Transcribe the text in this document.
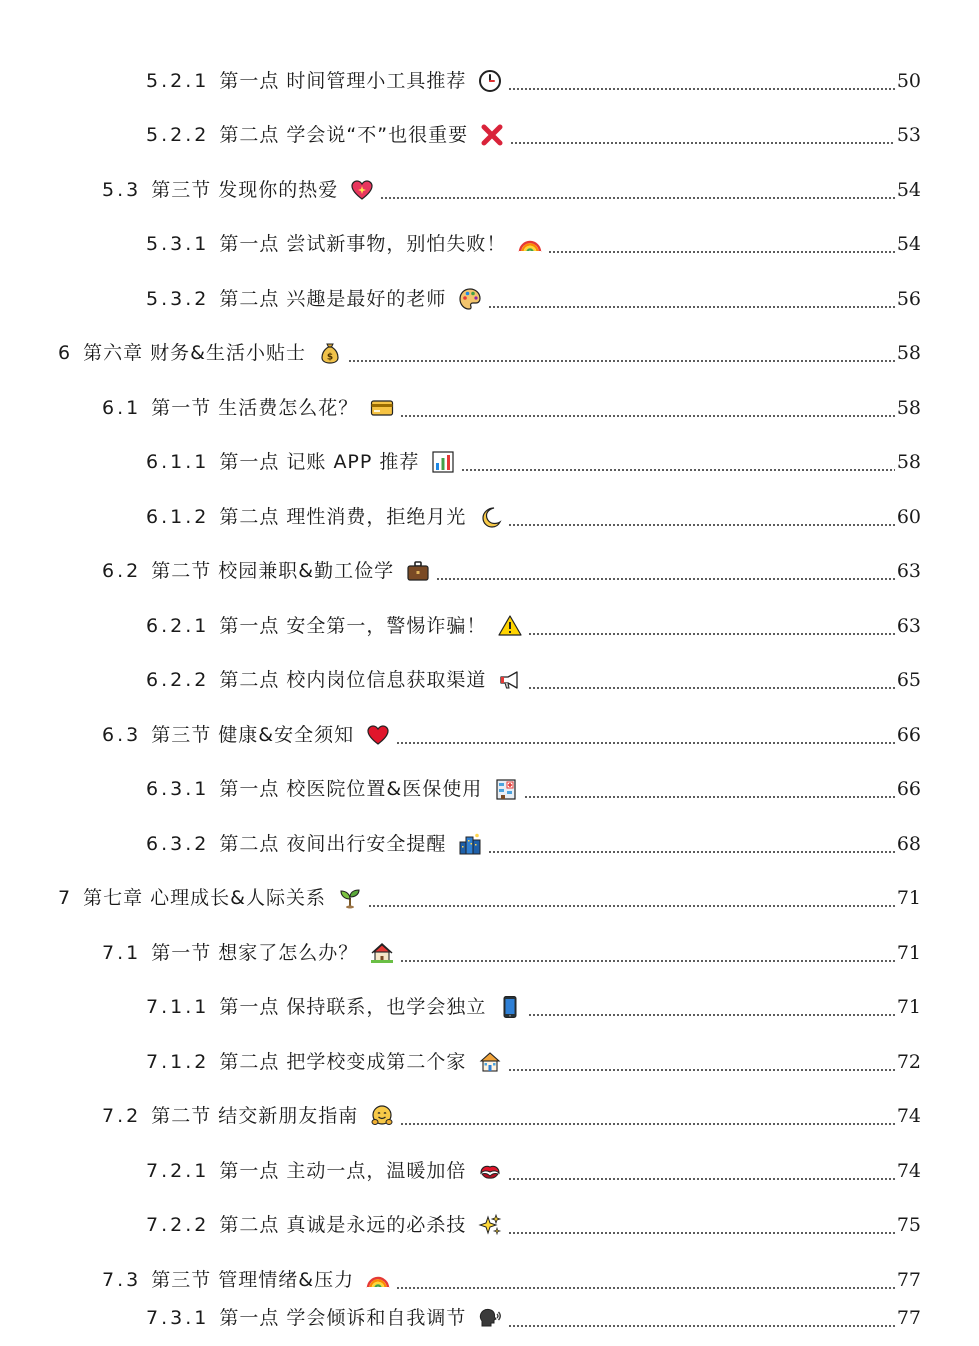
5.2.1 第一点 时间管理小工具推荐	50
5.2.2 第二点 学会说“不”也很重要	53
5.3 第三节 发现你的热爱	54
5.3.1 第一点 尝试新事物，别怕失败！	54
5.3.2 第二点 兴趣是最好的老师	56
6 第六章 财务&生活小贴士 $	58
6.1 第一节 生活费怎么花？	58
6.1.1 第一点 记账 APP 推荐	58
6.1.2 第二点 理性消费，拒绝月光	60
6.2 第二节 校园兼职&勤工俭学	63
6.2.1 第一点 安全第一，警惕诈骗！	63
6.2.2 第二点 校内岗位信息获取渠道	65
6.3 第三节 健康&安全须知	66
6.3.1 第一点 校医院位置&医保使用	66
6.3.2 第二点 夜间出行安全提醒	68
7 第七章 心理成长&人际关系	71
7.1 第一节 想家了怎么办？	71
7.1.1 第一点 保持联系，也学会独立	71
7.1.2 第二点 把学校变成第二个家	72
7.2 第二节 结交新朋友指南	74
7.2.1 第一点 主动一点，温暖加倍	74
7.2.2 第二点 真诚是永远的必杀技	75
7.3 第三节 管理情绪&压力	77
7.3.1 第一点 学会倾诉和自我调节	77
